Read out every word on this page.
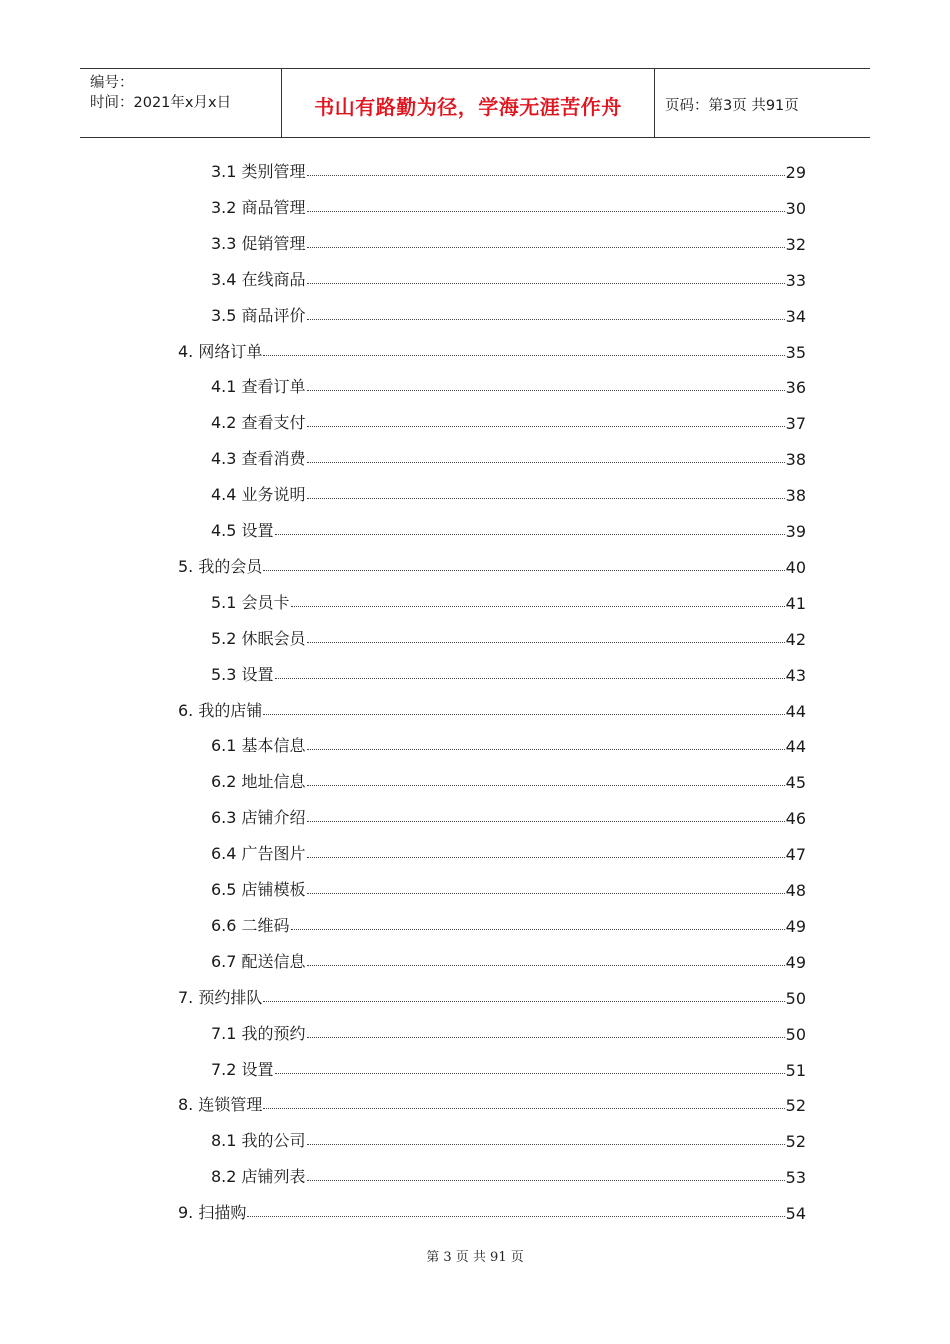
编号：
时间：2021年x月x日	书山有路勤为径，学海无涯苦作舟	页码：第3页 共91页
3.1 类别管理	29
3.2 商品管理	30
3.3 促销管理	32
3.4 在线商品	33
3.5 商品评价	34
4. 网络订单	35
4.1 查看订单	36
4.2 查看支付	37
4.3 查看消费	38
4.4 业务说明	38
4.5 设置	39
5. 我的会员	40
5.1 会员卡	41
5.2 休眠会员	42
5.3 设置	43
6. 我的店铺	44
6.1 基本信息	44
6.2 地址信息	45
6.3 店铺介绍	46
6.4 广告图片	47
6.5 店铺模板	48
6.6 二维码	49
6.7 配送信息	49
7. 预约排队	50
7.1 我的预约	50
7.2 设置	51
8. 连锁管理	52
8.1 我的公司	52
8.2 店铺列表	53
9. 扫描购	54
第 3 页 共 91 页
